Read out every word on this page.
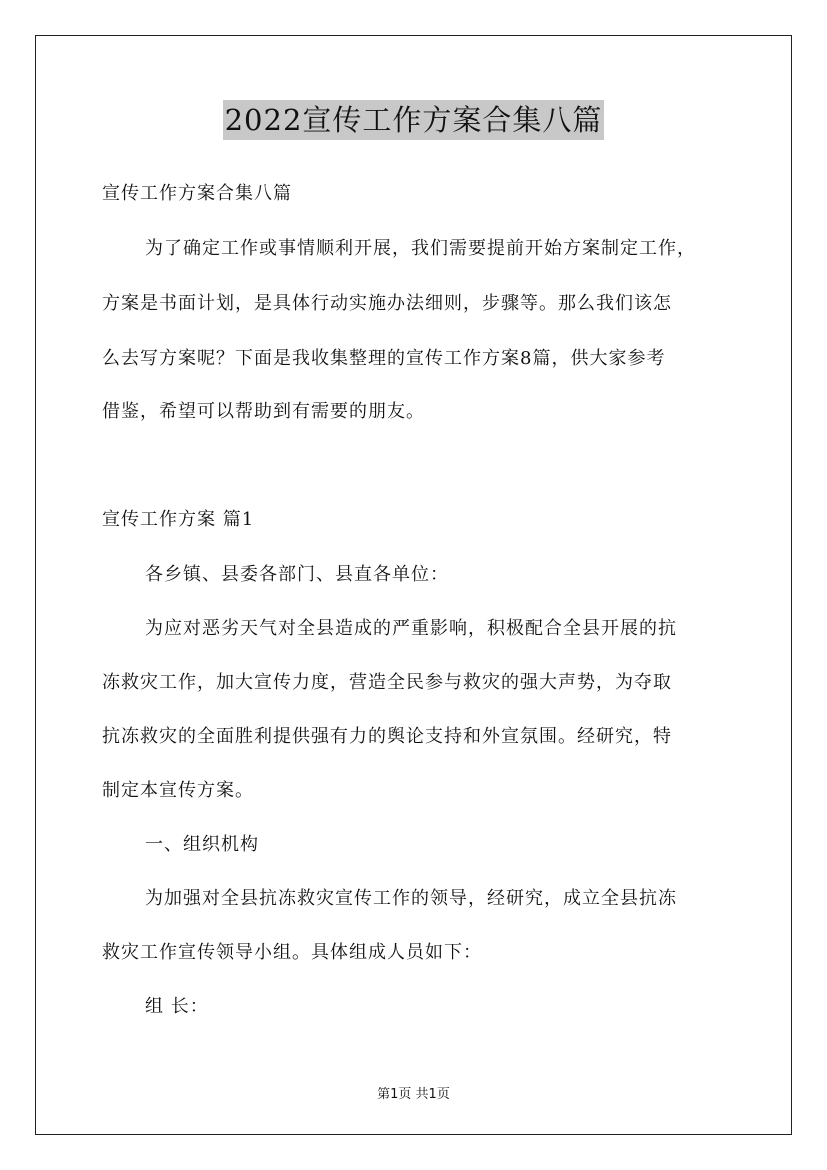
2022宣传工作方案合集八篇
宣传工作方案合集八篇
为了确定工作或事情顺利开展，我们需要提前开始方案制定工作，
方案是书面计划，是具体行动实施办法细则，步骤等。那么我们该怎
么去写方案呢？下面是我收集整理的宣传工作方案8篇，供大家参考
借鉴，希望可以帮助到有需要的朋友。
宣传工作方案 篇1
各乡镇、县委各部门、县直各单位：
为应对恶劣天气对全县造成的严重影响，积极配合全县开展的抗
冻救灾工作，加大宣传力度，营造全民参与救灾的强大声势，为夺取
抗冻救灾的全面胜利提供强有力的舆论支持和外宣氛围。经研究，特
制定本宣传方案。
一、组织机构
为加强对全县抗冻救灾宣传工作的领导，经研究，成立全县抗冻
救灾工作宣传领导小组。具体组成人员如下：
组 长：
第1页 共1页
